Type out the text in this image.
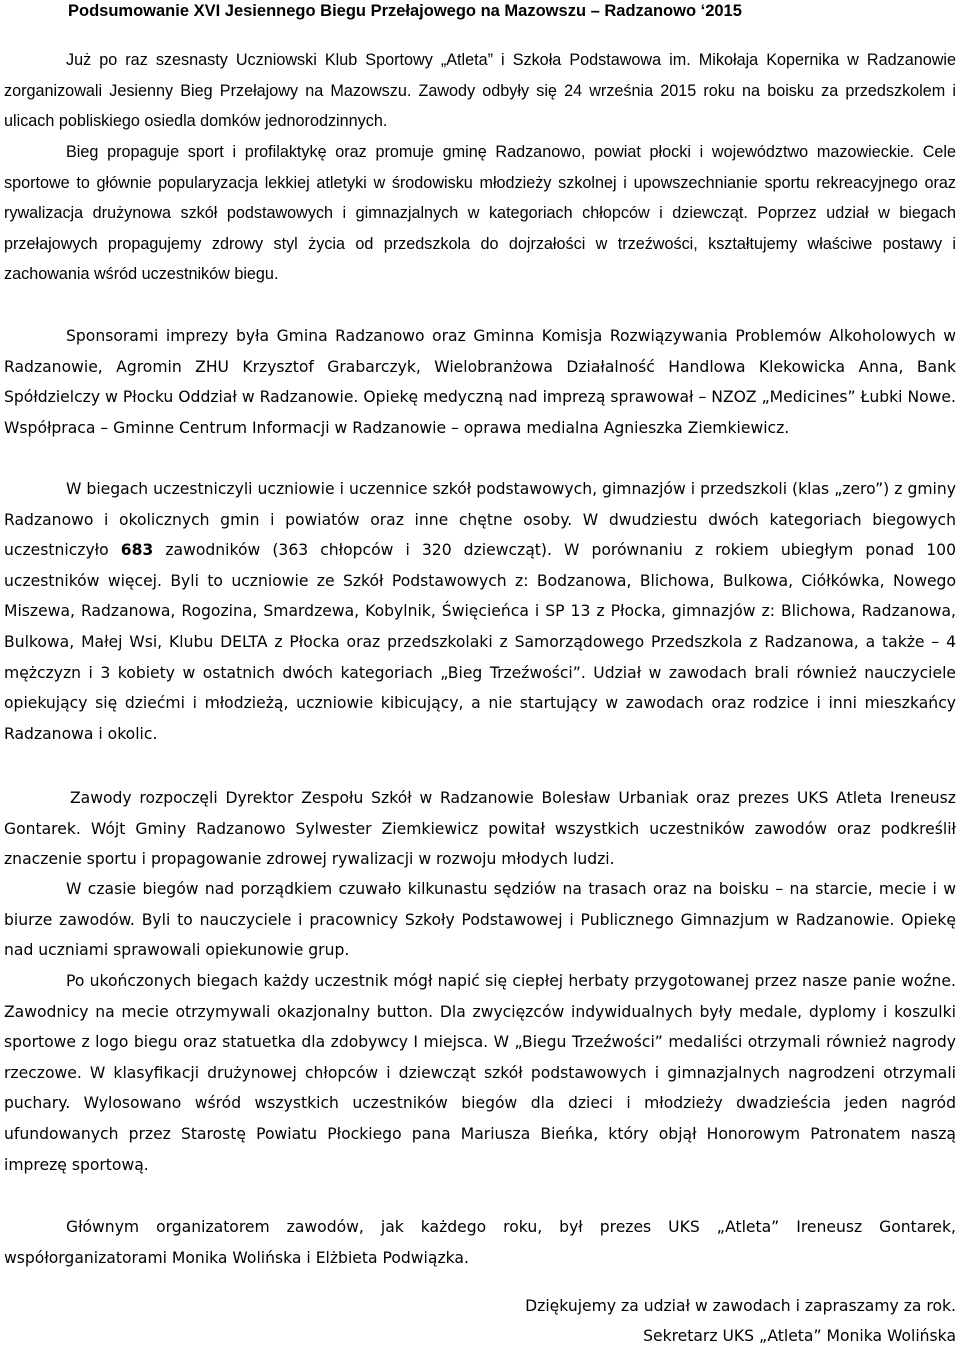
Podsumowanie XVI Jesiennego Biegu Przełajowego na Mazowszu – Radzanowo ‘2015

Już po raz szesnasty Uczniowski Klub Sportowy „Atleta” i Szkoła Podstawowa im. Mikołaja Kopernika w Radzanowie zorganizowali Jesienny Bieg Przełajowy na Mazowszu. Zawody odbyły się 24 września 2015 roku na boisku za przedszkolem i ulicach pobliskiego osiedla domków jednorodzinnych.

Bieg propaguje sport i profilaktykę oraz promuje gminę Radzanowo, powiat płocki i województwo mazowieckie. Cele sportowe to głównie popularyzacja lekkiej atletyki w środowisku młodzieży szkolnej i upowszechnianie sportu rekreacyjnego oraz rywalizacja drużynowa szkół podstawowych i gimnazjalnych w kategoriach chłopców i dziewcząt. Poprzez udział w biegach przełajowych propagujemy zdrowy styl życia od przedszkola do dojrzałości w trzeźwości, kształtujemy właściwe postawy i zachowania wśród uczestników biegu.

Sponsorami imprezy była Gmina Radzanowo oraz Gminna Komisja Rozwiązywania Problemów Alkoholowych w Radzanowie, Agromin ZHU Krzysztof Grabarczyk, Wielobranżowa Działalność Handlowa Klekowicka Anna, Bank Spółdzielczy w Płocku Oddział w Radzanowie. Opiekę medyczną nad imprezą sprawował – NZOZ „Medicines” Łubki Nowe. Współpraca – Gminne Centrum Informacji w Radzanowie – oprawa medialna Agnieszka Ziemkiewicz.

W biegach uczestniczyli uczniowie i uczennice szkół podstawowych, gimnazjów i przedszkoli (klas „zero”) z gminy Radzanowo i okolicznych gmin i powiatów oraz inne chętne osoby. W dwudziestu dwóch kategoriach biegowych uczestniczyło 683 zawodników (363 chłopców i 320 dziewcząt). W porównaniu z rokiem ubiegłym ponad 100 uczestników więcej. Byli to uczniowie ze Szkół Podstawowych z: Bodzanowa, Blichowa, Bulkowa, Ciółkówka, Nowego Miszewa, Radzanowa, Rogozina, Smardzewa, Kobylnik, Święcieńca i SP 13 z Płocka, gimnazjów z: Blichowa, Radzanowa, Bulkowa, Małej Wsi, Klubu DELTA z Płocka oraz przedszkolaki z Samorządowego Przedszkola z Radzanowa, a także – 4 mężczyzn i 3 kobiety w ostatnich dwóch kategoriach „Bieg Trzeźwości”. Udział w zawodach brali również nauczyciele opiekujący się dziećmi i młodzieżą, uczniowie kibicujący, a nie startujący w zawodach oraz rodzice i inni mieszkańcy Radzanowa i okolic.

Zawody rozpoczęli Dyrektor Zespołu Szkół w Radzanowie Bolesław Urbaniak oraz prezes UKS Atleta Ireneusz Gontarek. Wójt Gminy Radzanowo Sylwester Ziemkiewicz powitał wszystkich uczestników zawodów oraz podkreślił znaczenie sportu i propagowanie zdrowej rywalizacji w rozwoju młodych ludzi.

W czasie biegów nad porządkiem czuwało kilkunastu sędziów na trasach oraz na boisku – na starcie, mecie i w biurze zawodów. Byli to nauczyciele i pracownicy Szkoły Podstawowej i Publicznego Gimnazjum w Radzanowie. Opiekę nad uczniami sprawowali opiekunowie grup.

Po ukończonych biegach każdy uczestnik mógł napić się ciepłej herbaty przygotowanej przez nasze panie woźne. Zawodnicy na mecie otrzymywali okazjonalny button. Dla zwycięzców indywidualnych były medale, dyplomy i koszulki sportowe z logo biegu oraz statuetka dla zdobywcy I miejsca. W „Biegu Trzeźwości” medaliści otrzymali również nagrody rzeczowe. W klasyfikacji drużynowej chłopców i dziewcząt szkół podstawowych i gimnazjalnych nagrodzeni otrzymali puchary. Wylosowano wśród wszystkich uczestników biegów dla dzieci i młodzieży dwadzieścia jeden nagród ufundowanych przez Starostę Powiatu Płockiego pana Mariusza Bieńka, który objął Honorowym Patronatem naszą imprezę sportową.

Głównym organizatorem zawodów, jak każdego roku, był prezes UKS „Atleta” Ireneusz Gontarek, współorganizatorami Monika Wolińska i Elżbieta Podwiązka.

Dziękujemy za udział w zawodach i zapraszamy za rok.

Sekretarz UKS „Atleta” Monika Wolińska
